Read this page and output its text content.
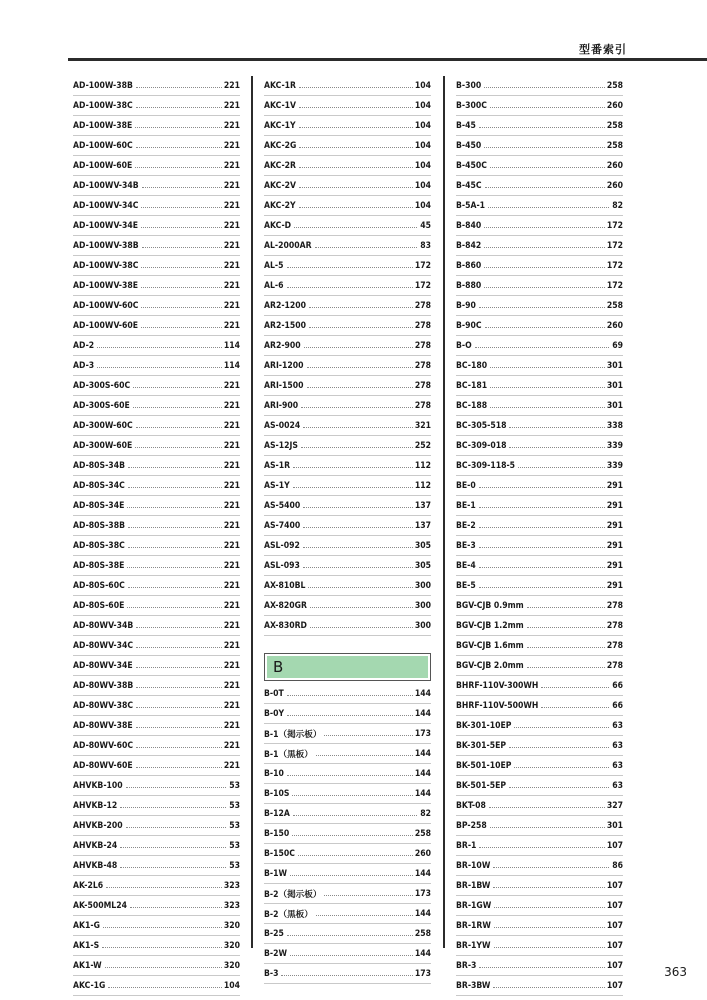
型番索引
AD-100W-38B	221
AD-100W-38C	221
AD-100W-38E	221
AD-100W-60C	221
AD-100W-60E	221
AD-100WV-34B	221
AD-100WV-34C	221
AD-100WV-34E	221
AD-100WV-38B	221
AD-100WV-38C	221
AD-100WV-38E	221
AD-100WV-60C	221
AD-100WV-60E	221
AD-2	114
AD-3	114
AD-300S-60C	221
AD-300S-60E	221
AD-300W-60C	221
AD-300W-60E	221
AD-80S-34B	221
AD-80S-34C	221
AD-80S-34E	221
AD-80S-38B	221
AD-80S-38C	221
AD-80S-38E	221
AD-80S-60C	221
AD-80S-60E	221
AD-80WV-34B	221
AD-80WV-34C	221
AD-80WV-34E	221
AD-80WV-38B	221
AD-80WV-38C	221
AD-80WV-38E	221
AD-80WV-60C	221
AD-80WV-60E	221
AHVKB-100	53
AHVKB-12	53
AHVKB-200	53
AHVKB-24	53
AHVKB-48	53
AK-2L6	323
AK-500ML24	323
AK1-G	320
AK1-S	320
AK1-W	320
AKC-1G	104
AKC-1R	104
AKC-1V	104
AKC-1Y	104
AKC-2G	104
AKC-2R	104
AKC-2V	104
AKC-2Y	104
AKC-D	45
AL-2000AR	83
AL-5	172
AL-6	172
AR2-1200	278
AR2-1500	278
AR2-900	278
ARI-1200	278
ARI-1500	278
ARI-900	278
AS-0024	321
AS-12JS	252
AS-1R	112
AS-1Y	112
AS-5400	137
AS-7400	137
ASL-092	305
ASL-093	305
AX-810BL	300
AX-820GR	300
AX-830RD	300
B
B-0T	144
B-0Y	144
B-1（掲示板）	173
B-1（黒板）	144
B-10	144
B-10S	144
B-12A	82
B-150	258
B-150C	260
B-1W	144
B-2（掲示板）	173
B-2（黒板）	144
B-25	258
B-2W	144
B-3	173
B-300	258
B-300C	260
B-45	258
B-450	258
B-450C	260
B-45C	260
B-5A-1	82
B-840	172
B-842	172
B-860	172
B-880	172
B-90	258
B-90C	260
B-O	69
BC-180	301
BC-181	301
BC-188	301
BC-305-518	338
BC-309-018	339
BC-309-118-5	339
BE-0	291
BE-1	291
BE-2	291
BE-3	291
BE-4	291
BE-5	291
BGV-CJB 0.9mm	278
BGV-CJB 1.2mm	278
BGV-CJB 1.6mm	278
BGV-CJB 2.0mm	278
BHRF-110V-300WH	66
BHRF-110V-500WH	66
BK-301-10EP	63
BK-301-5EP	63
BK-501-10EP	63
BK-501-5EP	63
BKT-08	327
BP-258	301
BR-1	107
BR-10W	86
BR-1BW	107
BR-1GW	107
BR-1RW	107
BR-1YW	107
BR-3	107
BR-3BW	107
363
